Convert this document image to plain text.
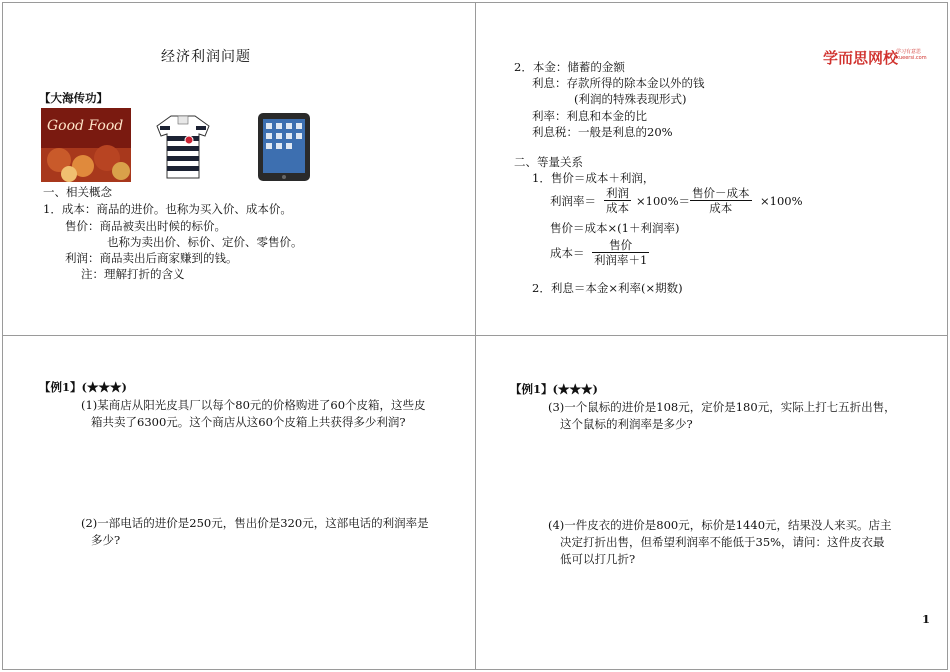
经济利润问题
【大海传功】
Good Food
一、相关概念
1．成本：商品的进价。也称为买入价、成本价。
售价：商品被卖出时候的标价。
也称为卖出价、标价、定价、零售价。
利润：商品卖出后商家赚到的钱。
注：理解打折的含义
学而思网校
学习有意思
xueersi.com
2．本金：储蓄的金额
利息：存款所得的除本金以外的钱
(利润的特殊表现形式)
利率：利息和本金的比
利息税：一般是利息的20%
二、等量关系
1．售价＝成本＋利润，
利润率＝
利润
成本 ×100%＝
售价－成本
成本	×100%
售价＝成本×(1＋利润率)
成本＝
售价
利润率＋1
2．利息＝本金×利率(×期数)
【例1】(★★★)
(1)某商店从阳光皮具厂以每个80元的价格购进了60个皮箱，这些皮
箱共卖了6300元。这个商店从这60个皮箱上共获得多少利润?
(2)一部电话的进价是250元，售出价是320元，这部电话的利润率是
多少?
【例1】(★★★)
(3)一个鼠标的进价是108元，定价是180元，实际上打七五折出售，
这个鼠标的利润率是多少?
(4)一件皮衣的进价是800元，标价是1440元，结果没人来买。店主
决定打折出售，但希望利润率不能低于35%，请问：这件皮衣最
低可以打几折?
1
